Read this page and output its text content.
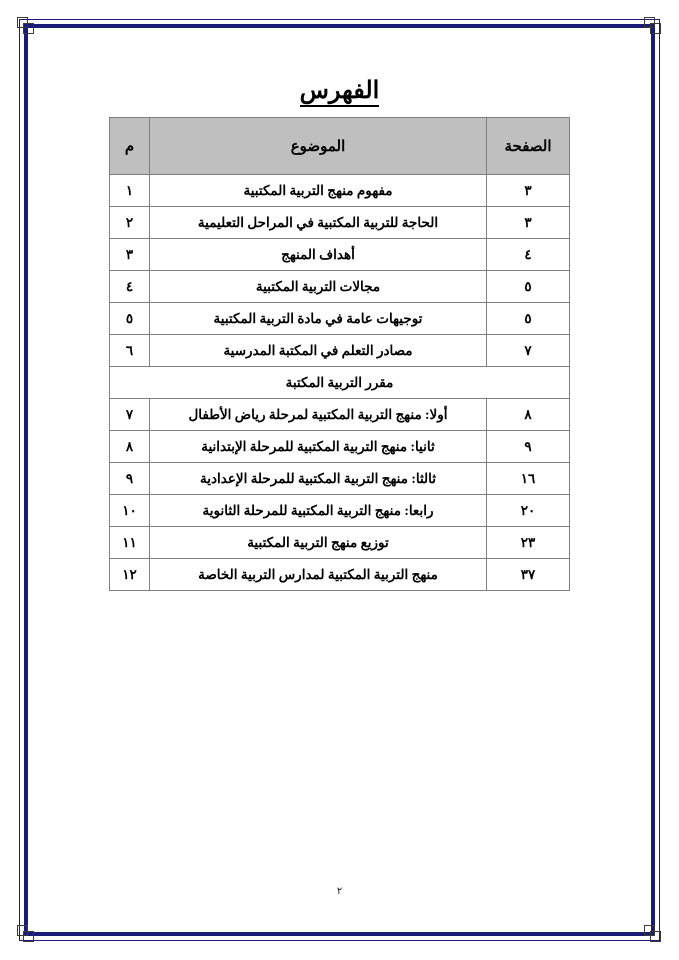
الفهرس
الصفحة	الموضوع	م
٣	مفهوم منهج التربية المكتبية	١
٣	الحاجة للتربية المكتبية في المراحل التعليمية	٢
٤	أهداف المنهج	٣
٥	مجالات التربية المكتبية	٤
٥	توجيهات عامة في مادة التربية المكتبية	٥
٧	مصادر التعلم في المكتبة المدرسية	٦
مقرر التربية المكتبة		
٨	أولا: منهج التربية المكتبية لمرحلة رياض الأطفال	٧
٩	ثانيا: منهج التربية المكتبية للمرحلة الإبتدانية	٨
١٦	ثالثا: منهج التربية المكتبية للمرحلة الإعدادية	٩
٢٠	رابعا: منهج التربية المكتبية للمرحلة الثانوية	١٠
٢٣	توزيع منهج التربية المكتبية	١١
٣٧	منهج التربية المكتبية لمدارس التربية الخاصة	١٢
٢
